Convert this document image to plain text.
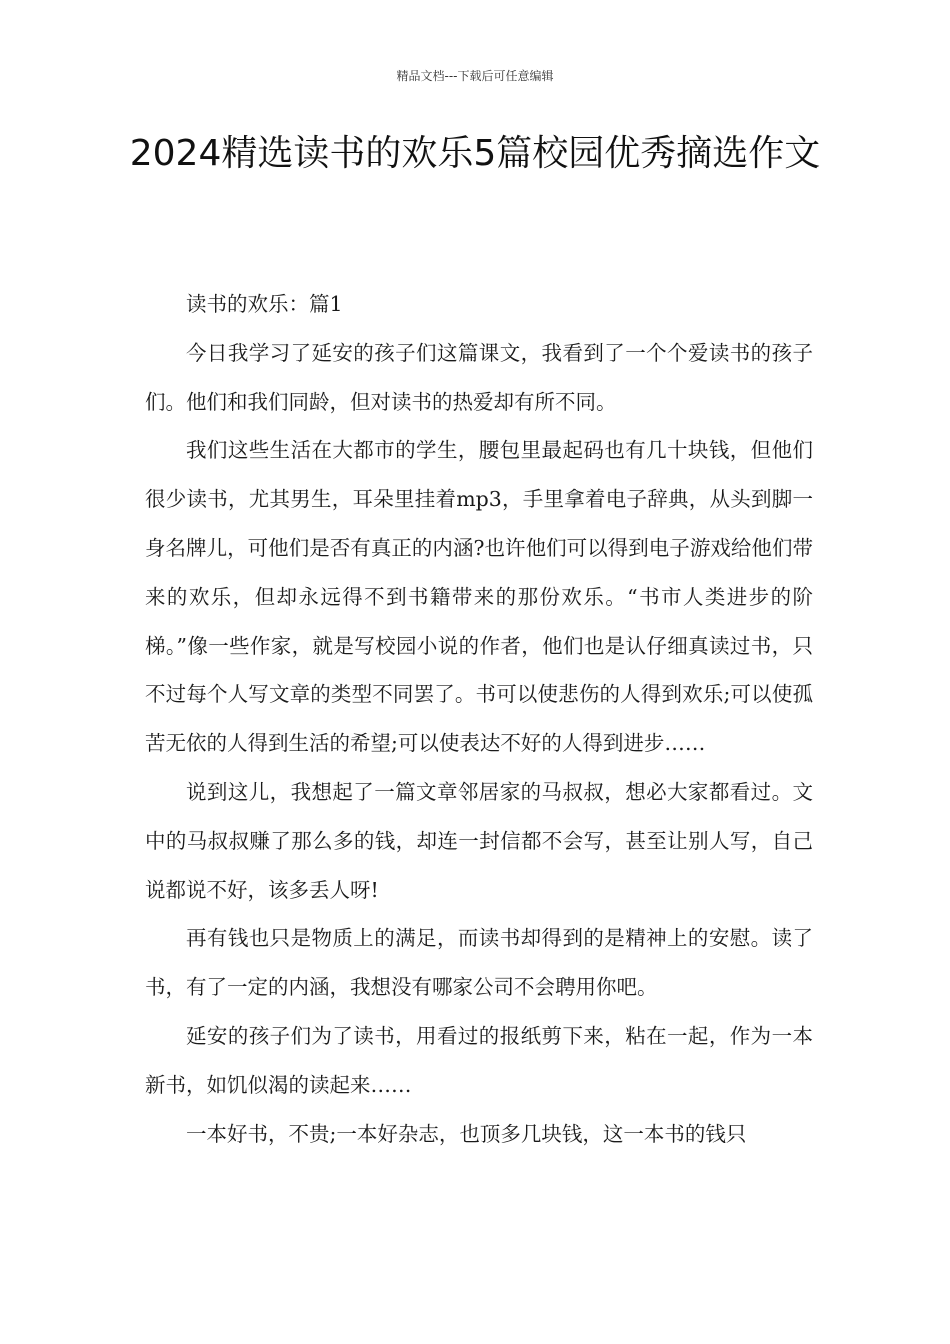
精品文档---下载后可任意编辑
2024精选读书的欢乐5篇校园优秀摘选作文

读书的欢乐：篇1

今日我学习了延安的孩子们这篇课文，我看到了一个个爱读书的孩子们。他们和我们同龄，但对读书的热爱却有所不同。

我们这些生活在大都市的学生，腰包里最起码也有几十块钱，但他们很少读书，尤其男生，耳朵里挂着mp3，手里拿着电子辞典，从头到脚一身名牌儿，可他们是否有真正的内涵?也许他们可以得到电子游戏给他们带来的欢乐，但却永远得不到书籍带来的那份欢乐。“书市人类进步的阶梯。”像一些作家，就是写校园小说的作者，他们也是认仔细真读过书，只不过每个人写文章的类型不同罢了。书可以使悲伤的人得到欢乐;可以使孤苦无依的人得到生活的希望;可以使表达不好的人得到进步……

说到这儿，我想起了一篇文章邻居家的马叔叔，想必大家都看过。文中的马叔叔赚了那么多的钱，却连一封信都不会写，甚至让别人写，自己说都说不好，该多丢人呀!

再有钱也只是物质上的满足，而读书却得到的是精神上的安慰。读了书，有了一定的内涵，我想没有哪家公司不会聘用你吧。

延安的孩子们为了读书，用看过的报纸剪下来，粘在一起，作为一本新书，如饥似渴的读起来……

一本好书，不贵;一本好杂志，也顶多几块钱，这一本书的钱只
